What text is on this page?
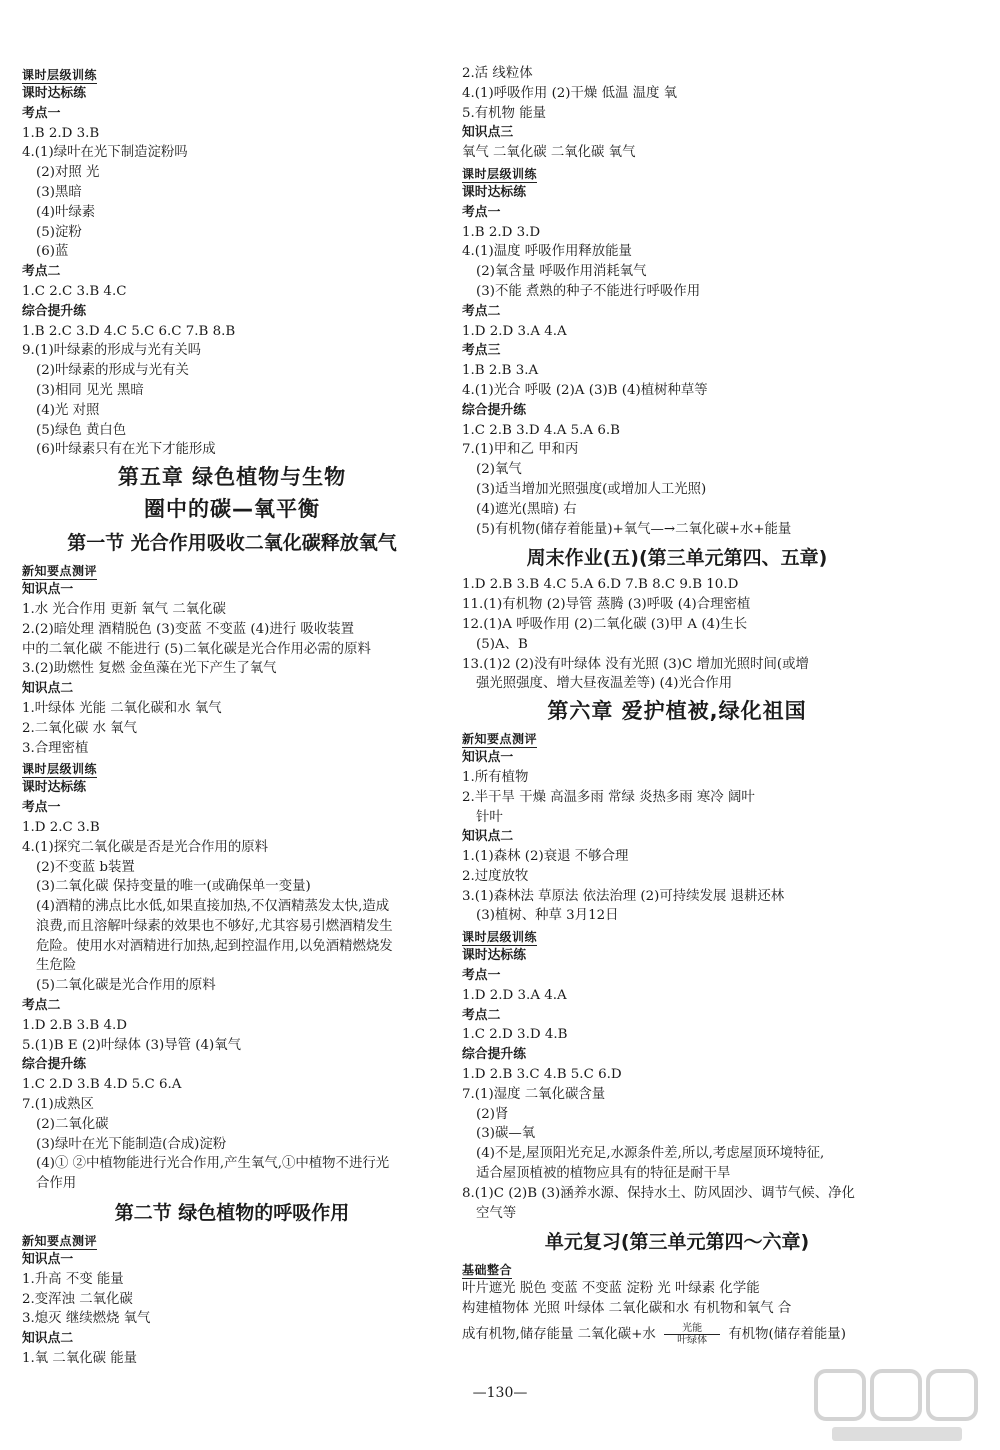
课时层级训练
课时达标练
考点一
1.B 2.D 3.B
4.(1)绿叶在光下制造淀粉吗
(2)对照 光
(3)黑暗
(4)叶绿素
(5)淀粉
(6)蓝
考点二
1.C 2.C 3.B 4.C
综合提升练
1.B 2.C 3.D 4.C 5.C 6.C 7.B 8.B
9.(1)叶绿素的形成与光有关吗
(2)叶绿素的形成与光有关
(3)相同 见光 黑暗
(4)光 对照
(5)绿色 黄白色
(6)叶绿素只有在光下才能形成
第五章 绿色植物与生物
圈中的碳—氧平衡
第一节 光合作用吸收二氧化碳释放氧气
新知要点测评
知识点一
1.水 光合作用 更新 氧气 二氧化碳
2.(2)暗处理 酒精脱色 (3)变蓝 不变蓝 (4)进行 吸收装置
中的二氧化碳 不能进行 (5)二氧化碳是光合作用必需的原料
3.(2)助燃性 复燃 金鱼藻在光下产生了氧气
知识点二
1.叶绿体 光能 二氧化碳和水 氧气
2.二氧化碳 水 氧气
3.合理密植
课时层级训练
课时达标练
考点一
1.D 2.C 3.B
4.(1)探究二氧化碳是否是光合作用的原料
(2)不变蓝 b装置
(3)二氧化碳 保持变量的唯一(或确保单一变量)
(4)酒精的沸点比水低,如果直接加热,不仅酒精蒸发太快,造成
浪费,而且溶解叶绿素的效果也不够好,尤其容易引燃酒精发生
危险。使用水对酒精进行加热,起到控温作用,以免酒精燃烧发
生危险
(5)二氧化碳是光合作用的原料
考点二
1.D 2.B 3.B 4.D
5.(1)B E (2)叶绿体 (3)导管 (4)氧气
综合提升练
1.C 2.D 3.B 4.D 5.C 6.A
7.(1)成熟区
(2)二氧化碳
(3)绿叶在光下能制造(合成)淀粉
(4)① ②中植物能进行光合作用,产生氧气,①中植物不进行光
合作用
第二节 绿色植物的呼吸作用
新知要点测评
知识点一
1.升高 不变 能量
2.变浑浊 二氧化碳
3.熄灭 继续燃烧 氧气
知识点二
1.氧 二氧化碳 能量
2.活 线粒体
4.(1)呼吸作用 (2)干燥 低温 温度 氧
5.有机物 能量
知识点三
氧气 二氧化碳 二氧化碳 氧气
课时层级训练
课时达标练
考点一
1.B 2.D 3.D
4.(1)温度 呼吸作用释放能量
(2)氧含量 呼吸作用消耗氧气
(3)不能 煮熟的种子不能进行呼吸作用
考点二
1.D 2.D 3.A 4.A
考点三
1.B 2.B 3.A
4.(1)光合 呼吸 (2)A (3)B (4)植树种草等
综合提升练
1.C 2.B 3.D 4.A 5.A 6.B
7.(1)甲和乙 甲和丙
(2)氧气
(3)适当增加光照强度(或增加人工光照)
(4)遮光(黑暗) 右
(5)有机物(储存着能量)+氧气—→二氧化碳+水+能量
周末作业(五)(第三单元第四、五章)
1.D 2.B 3.B 4.C 5.A 6.D 7.B 8.C 9.B 10.D
11.(1)有机物 (2)导管 蒸腾 (3)呼吸 (4)合理密植
12.(1)A 呼吸作用 (2)二氧化碳 (3)甲 A (4)生长
(5)A、B
13.(1)2 (2)没有叶绿体 没有光照 (3)C 增加光照时间(或增
强光照强度、增大昼夜温差等) (4)光合作用
第六章 爱护植被,绿化祖国
新知要点测评
知识点一
1.所有植物
2.半干旱 干燥 高温多雨 常绿 炎热多雨 寒冷 阔叶
针叶
知识点二
1.(1)森林 (2)衰退 不够合理
2.过度放牧
3.(1)森林法 草原法 依法治理 (2)可持续发展 退耕还林
(3)植树、种草 3月12日
课时层级训练
课时达标练
考点一
1.D 2.D 3.A 4.A
考点二
1.C 2.D 3.D 4.B
综合提升练
1.D 2.B 3.C 4.B 5.C 6.D
7.(1)湿度 二氧化碳含量
(2)肾
(3)碳—氧
(4)不是,屋顶阳光充足,水源条件差,所以,考虑屋顶环境特征,
适合屋顶植被的植物应具有的特征是耐干旱
8.(1)C (2)B (3)涵养水源、保持水土、防风固沙、调节气候、净化
空气等
单元复习(第三单元第四～六章)
基础整合
叶片遮光 脱色 变蓝 不变蓝 淀粉 光 叶绿素 化学能
构建植物体 光照 叶绿体 二氧化碳和水 有机物和氧气 合
成有机物,储存能量 二氧化碳+水	光能
叶绿体	有机物(储存着能量)
—130—
